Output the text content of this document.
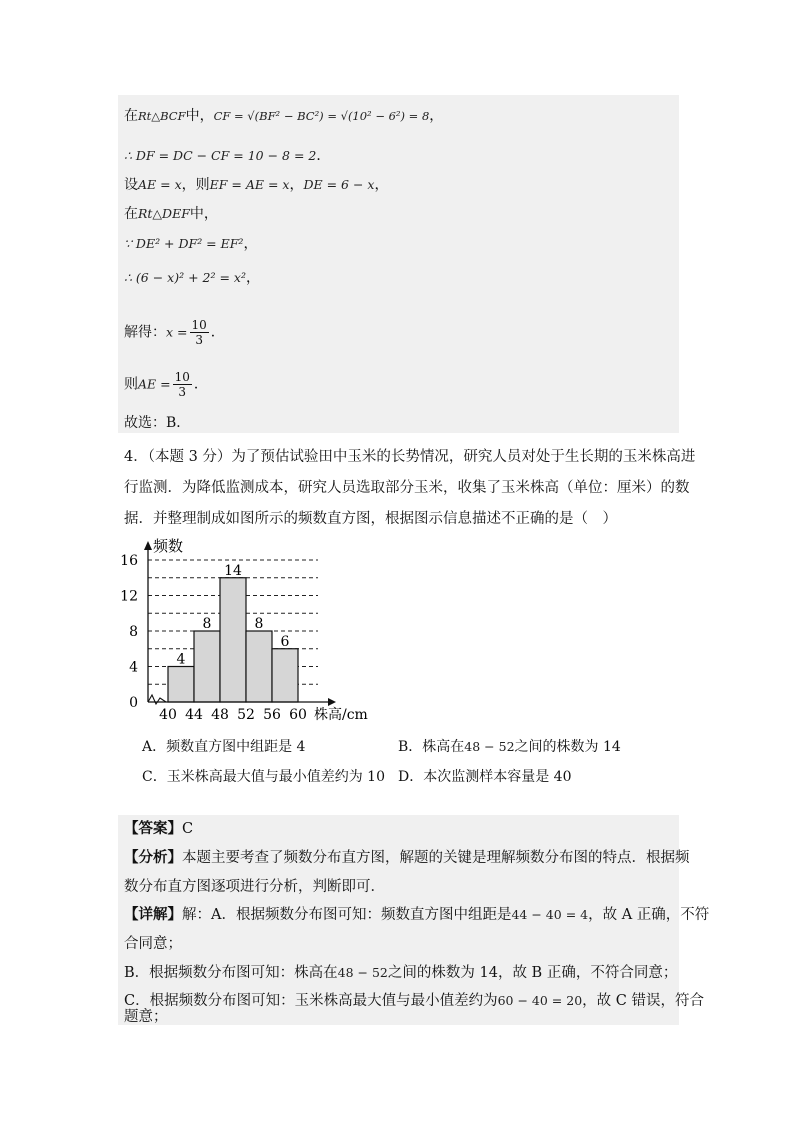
在Rt△BCF中，CF = √(BF² − BC²) = √(10² − 6²) = 8，
∴ DF = DC − CF = 10 − 8 = 2．
设AE = x，则EF = AE = x，DE = 6 − x，
在Rt△DEF中，
∵ DE² + DF² = EF²，
∴ (6 − x)² + 2² = x²，
解得：$x = \frac{10}{3}$ ．
则AE = $\frac{10}{3}$ ．
故选：B．
4．（本题 3 分）为了预估试验田中玉米的长势情况，研究人员对处于生长期的玉米株高进
行监测．为降低监测成本，研究人员选取部分玉米，收集了玉米株高（单位：厘米）的数
据．并整理制成如图所示的频数直方图，根据图示信息描述不正确的是（　）
频数
株高/cm
40 44 48 52 56 60
0
4
8
12
16
4
8
14
8
6
A．频数直方图中组距是 4	B．株高在48 − 52之间的株数为 14
C．玉米株高最大值与最小值差约为 10 D．本次监测样本容量是 40
【答案】C
【分析】本题主要考查了频数分布直方图，解题的关键是理解频数分布图的特点．根据频
数分布直方图逐项进行分析，判断即可．
【详解】解：A．根据频数分布图可知：频数直方图中组距是44 − 40 = 4，故 A 正确，不符
合同意；
B．根据频数分布图可知：株高在48 − 52之间的株数为 14，故 B 正确，不符合同意；
C．根据频数分布图可知：玉米株高最大值与最小值差约为60 − 40 = 20，故 C 错误，符合
题意；
